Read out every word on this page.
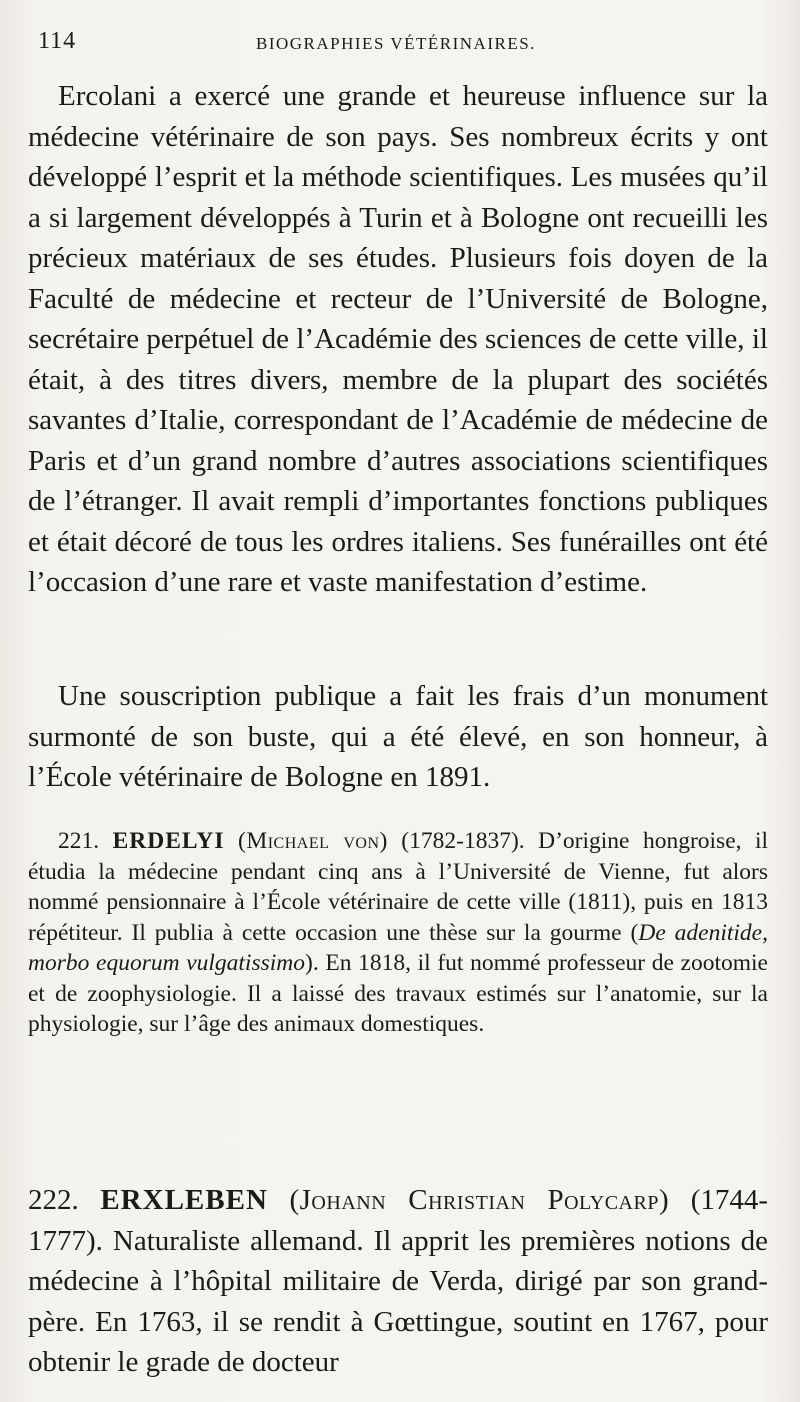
114	BIOGRAPHIES VÉTÉRINAIRES.

Ercolani a exercé une grande et heureuse influence sur la médecine vétérinaire de son pays. Ses nombreux écrits y ont développé l’esprit et la méthode scientifiques. Les musées qu’il a si largement développés à Turin et à Bologne ont recueilli les précieux matériaux de ses études. Plusieurs fois doyen de la Faculté de médecine et recteur de l’Université de Bologne, secrétaire perpétuel de l’Académie des sciences de cette ville, il était, à des titres divers, membre de la plupart des sociétés savantes d’Italie, correspondant de l’Académie de médecine de Paris et d’un grand nombre d’autres associations scientifiques de l’étranger. Il avait rempli d’importantes fonctions publiques et était décoré de tous les ordres italiens. Ses funérailles ont été l’occasion d’une rare et vaste manifestation d’estime.

Une souscription publique a fait les frais d’un monument surmonté de son buste, qui a été élevé, en son honneur, à l’École vétérinaire de Bologne en 1891.

221. ERDELYI (Michael von) (1782-1837). D’origine hongroise, il étudia la médecine pendant cinq ans à l’Université de Vienne, fut alors nommé pensionnaire à l’École vétérinaire de cette ville (1811), puis en 1813 répétiteur. Il publia à cette occasion une thèse sur la gourme (De adenitide, morbo equorum vulgatissimo). En 1818, il fut nommé professeur de zootomie et de zoophysiologie. Il a laissé des travaux estimés sur l’anatomie, sur la physiologie, sur l’âge des animaux domestiques.

222. ERXLEBEN (Johann Christian Polycarp) (1744-1777). Naturaliste allemand. Il apprit les premières notions de médecine à l’hôpital militaire de Verda, dirigé par son grand-père. En 1763, il se rendit à Gœttingue, soutint en 1767, pour obtenir le grade de docteur
